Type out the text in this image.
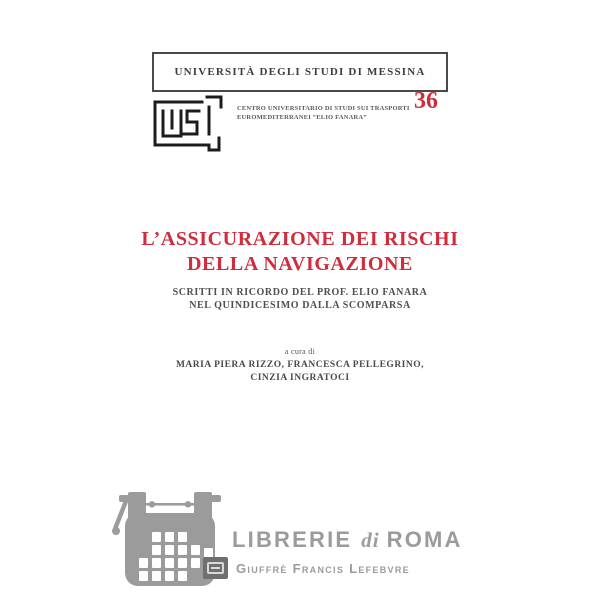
UNIVERSITÀ DEGLI STUDI DI MESSINA
CENTRO UNIVERSITARIO DI STUDI SUI TRASPORTI
EUROMEDITERRANEI “ELIO FANARA”
36
L’ASSICURAZIONE DEI RISCHI
DELLA NAVIGAZIONE
SCRITTI IN RICORDO DEL PROF. ELIO FANARA
NEL QUINDICESIMO DALLA SCOMPARSA
a cura di
MARIA PIERA RIZZO, FRANCESCA PELLEGRINO,
CINZIA INGRATOCI
LIBRERIE di ROMA
Giuffrè Francis Lefebvre
